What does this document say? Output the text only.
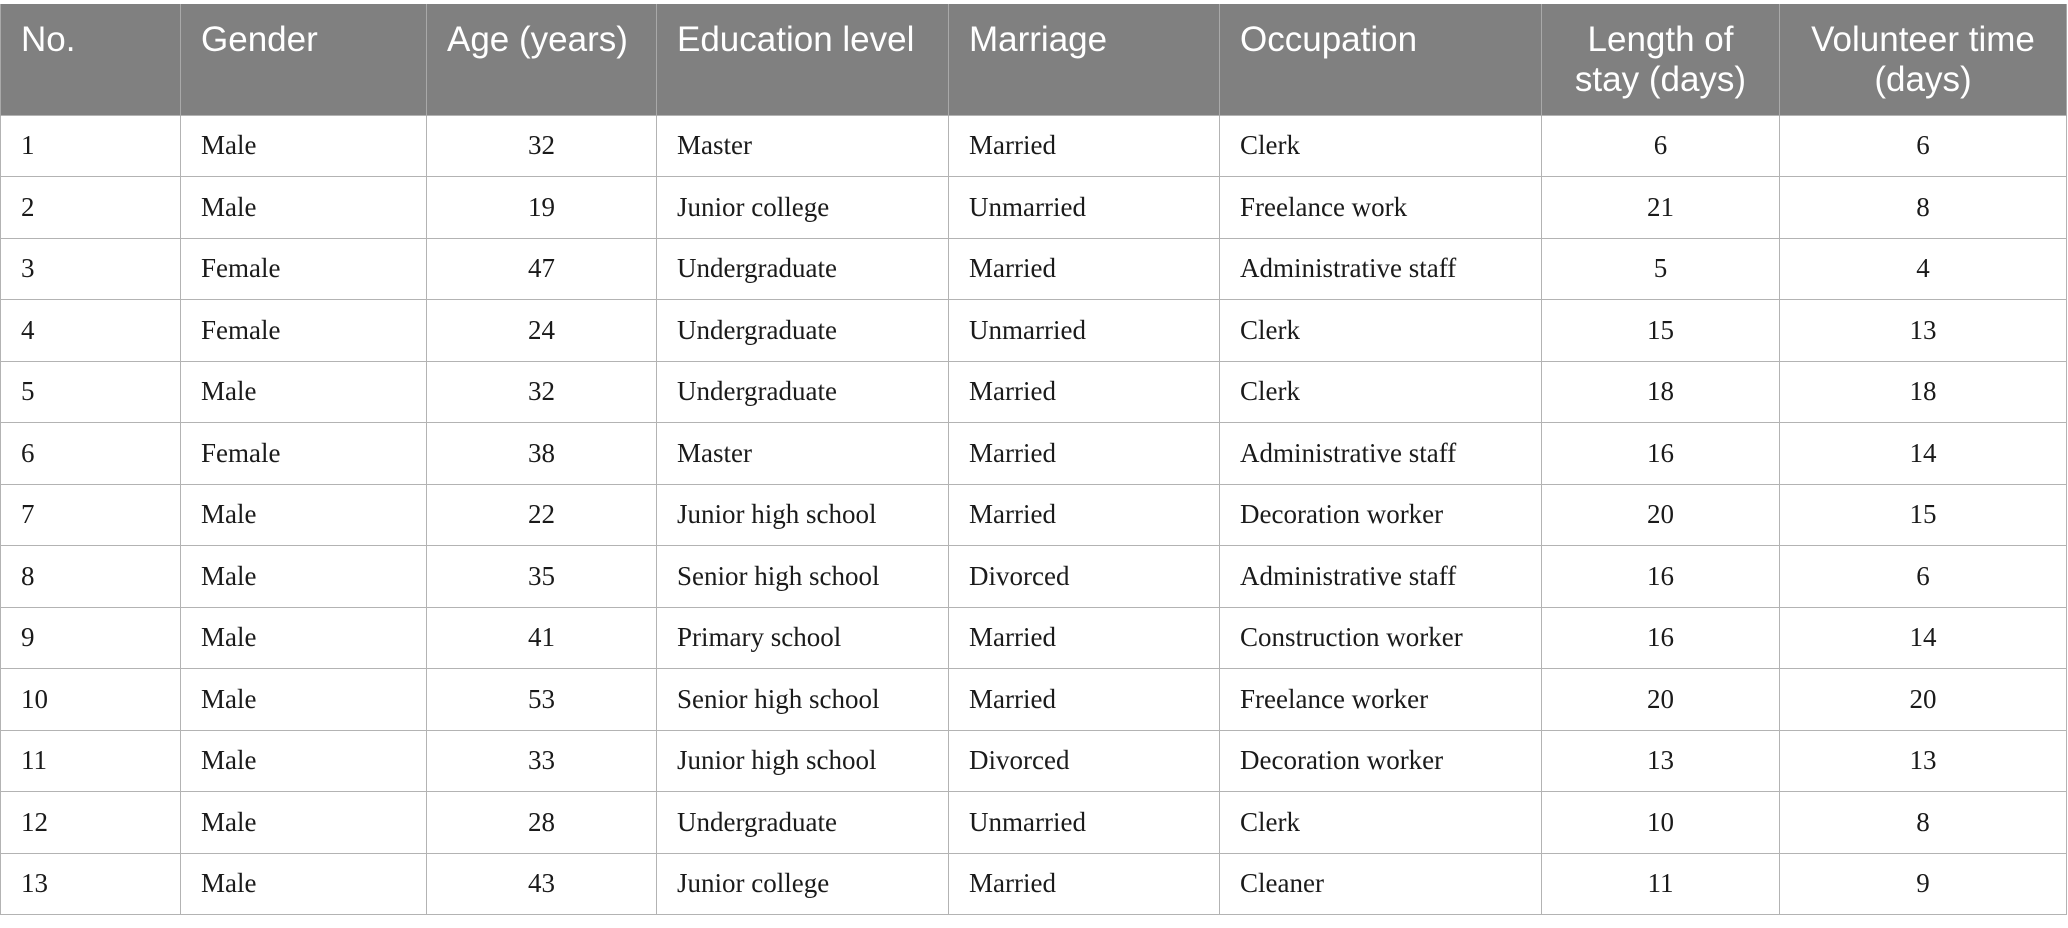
No.	Gender	Age (years)	Education level	Marriage	Occupation	Length of stay (days)	Volunteer time (days)
1	Male	32	Master	Married	Clerk	6	6
2	Male	19	Junior college	Unmarried	Freelance work	21	8
3	Female	47	Undergraduate	Married	Administrative staff	5	4
4	Female	24	Undergraduate	Unmarried	Clerk	15	13
5	Male	32	Undergraduate	Married	Clerk	18	18
6	Female	38	Master	Married	Administrative staff	16	14
7	Male	22	Junior high school	Married	Decoration worker	20	15
8	Male	35	Senior high school	Divorced	Administrative staff	16	6
9	Male	41	Primary school	Married	Construction worker	16	14
10	Male	53	Senior high school	Married	Freelance worker	20	20
11	Male	33	Junior high school	Divorced	Decoration worker	13	13
12	Male	28	Undergraduate	Unmarried	Clerk	10	8
13	Male	43	Junior college	Married	Cleaner	11	9
